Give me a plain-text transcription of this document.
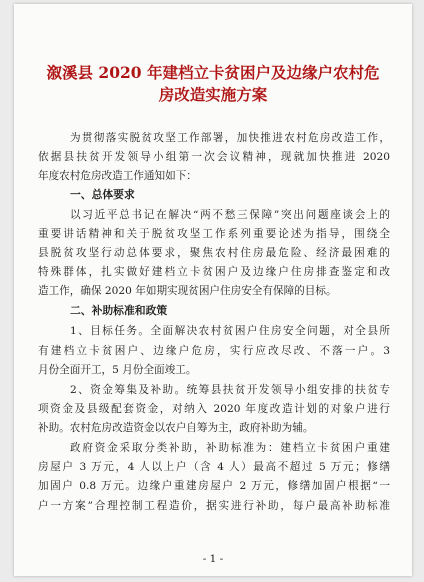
溆溪县 2020 年建档立卡贫困户及边缘户农村危
房改造实施方案

为贯彻落实脱贫攻坚工作部署，加快推进农村危房改造工作，

依据县扶贫开发领导小组第一次会议精神，现就加快推进 2020

年度农村危房改造工作通知如下：

一、总体要求

以习近平总书记在解决“两不愁三保障”突出问题座谈会上的

重要讲话精神和关于脱贫攻坚工作系列重要论述为指导，围绕全

县脱贫攻坚行动总体要求，聚焦农村住房最危险、经济最困难的

特殊群体，扎实做好建档立卡贫困户及边缘户住房排查鉴定和改

造工作，确保 2020 年如期实现贫困户住房安全有保障的目标。

二、补助标准和政策

1、目标任务。全面解决农村贫困户住房安全问题，对全县所

有建档立卡贫困户、边缘户危房，实行应改尽改、不落一户。3

月份全面开工，5 月份全面竣工。

2、资金筹集及补助。统筹县扶贫开发领导小组安排的扶贫专

项资金及县级配套资金，对纳入 2020 年度改造计划的对象户进行

补助。农村危房改造资金以农户自筹为主，政府补助为辅。

政府资金采取分类补助，补助标准为：建档立卡贫困户重建

房屋户 3 万元，4 人以上户（含 4 人）最高不超过 5 万元；修缮

加固户 0.8 万元。边缘户重建房屋户 2 万元，修缮加固户根据“一

户一方案”合理控制工程造价，据实进行补助，每户最高补助标准

- 1 -
